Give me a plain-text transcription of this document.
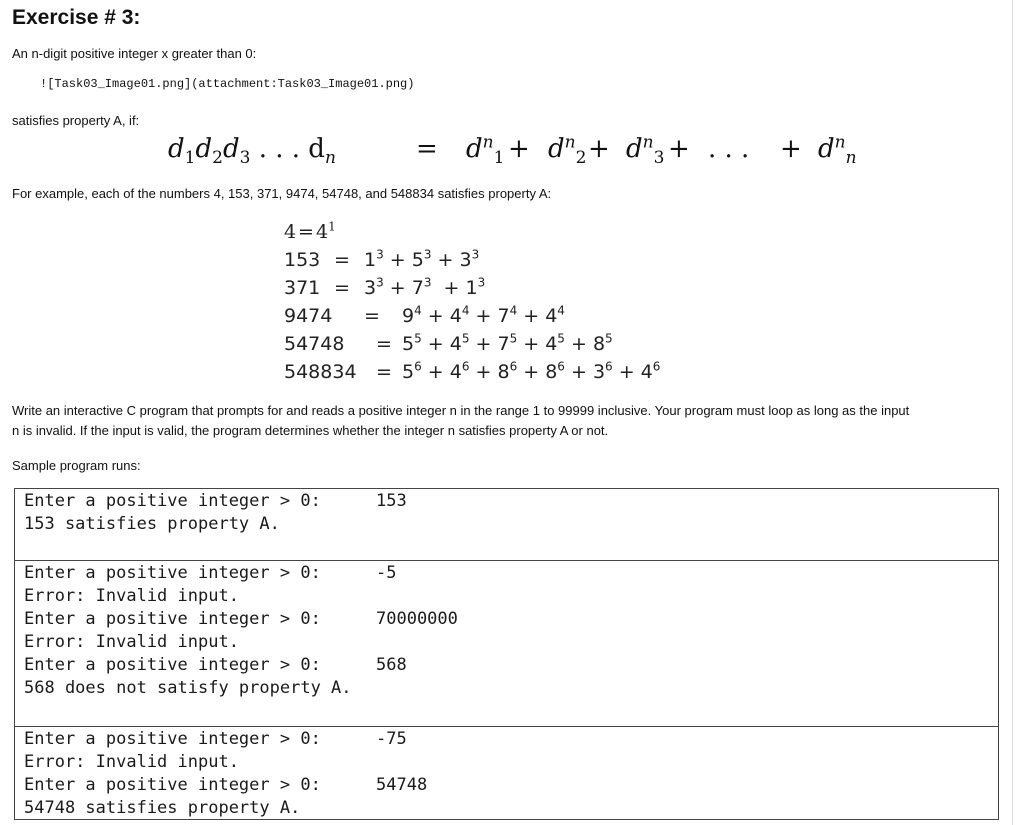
Exercise # 3:

An n-digit positive integer x greater than 0:

![Task03_Image01.png](attachment:Task03_Image01.png)

satisfies property A, if:

$d_1d_2d_3$ . . . $d_n$	= $d^n_1 + d^n_2 + d^n_3$ + . . . + $d^n_n$

For example, each of the numbers 4, 153, 371, 9474, 54748, and 548834 satisfies property A:

$4 = 4^1$
$153 = 1^3 + 5^3 + 3^3$
$371 = 3^3 + 7^3 + 1^3$
$9474 = 9^4 + 4^4 + 7^4 + 4^4$
$54748 = 5^5 + 4^5 + 7^5 + 4^5 + 8^5$
$548834 = 5^6 + 4^6 + 8^6 + 8^6 + 3^6 + 4^6$

Write an interactive C program that prompts for and reads a positive integer n in the range 1 to 99999 inclusive. Your program must loop as long as the input

n is invalid. If the input is valid, the program determines whether the integer n satisfies property A or not.

Sample program runs:

Enter a positive integer > 0:	153
153 satisfies property A.
Enter a positive integer > 0:	-5
Error: Invalid input.
Enter a positive integer > 0:	70000000
Error: Invalid input.
Enter a positive integer > 0:	568
568 does not satisfy property A.
Enter a positive integer > 0:	-75
Error: Invalid input.
Enter a positive integer > 0:	54748
54748 satisfies property A.
